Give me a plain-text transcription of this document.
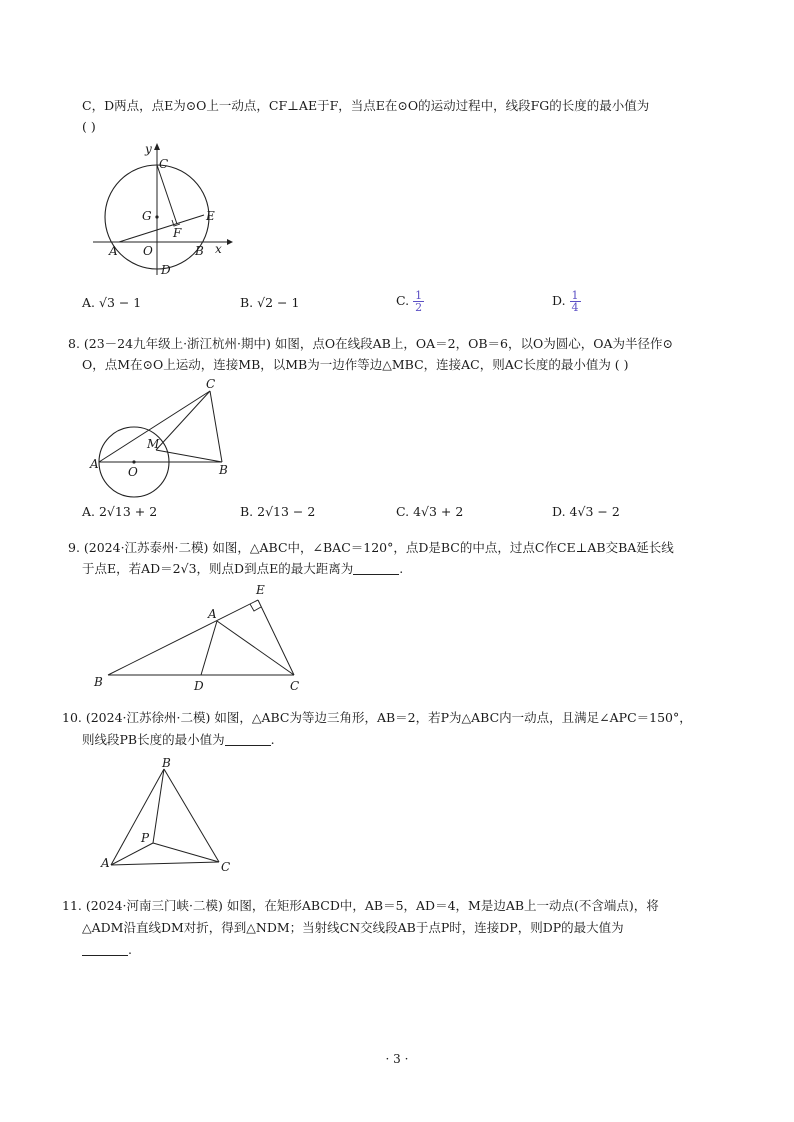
C，D两点，点E为⊙O上一动点，CF⊥AE于F，当点E在⊙O的运动过程中，线段FG的长度的最小值为
( )
y
C
G
F
E
A O	B x
D
A. √3 − 1	B. √2 − 1	C. $\frac{1}{2}$	D. $\frac{1}{4}$
8. (23－24九年级上·浙江杭州·期中) 如图，点O在线段AB上，OA＝2，OB＝6，以O为圆心，OA为半径作⊙
O，点M在⊙O上运动，连接MB，以MB为一边作等边△MBC，连接AC，则AC长度的最小值为 ( )
C
M
A
O	B
A. 2√13 + 2	B. 2√13 − 2	C. 4√3 + 2	D. 4√3 − 2
9. (2024·江苏泰州·二模) 如图，△ABC中，∠BAC＝120°，点D是BC的中点，过点C作CE⊥AB交BA延长线
于点E，若AD＝2√3，则点D到点E的最大距离为	.
E
A
B	D	C
10. (2024·江苏徐州·二模) 如图，△ABC为等边三角形，AB＝2，若P为△ABC内一动点，且满足∠APC＝150°，
则线段PB长度的最小值为	.
B
P
A	C
11. (2024·河南三门峡·二模) 如图，在矩形ABCD中，AB＝5，AD＝4，M是边AB上一动点(不含端点)，将
△ADM沿直线DM对折，得到△NDM；当射线CN交线段AB于点P时，连接DP，则DP的最大值为
.
· 3 ·
